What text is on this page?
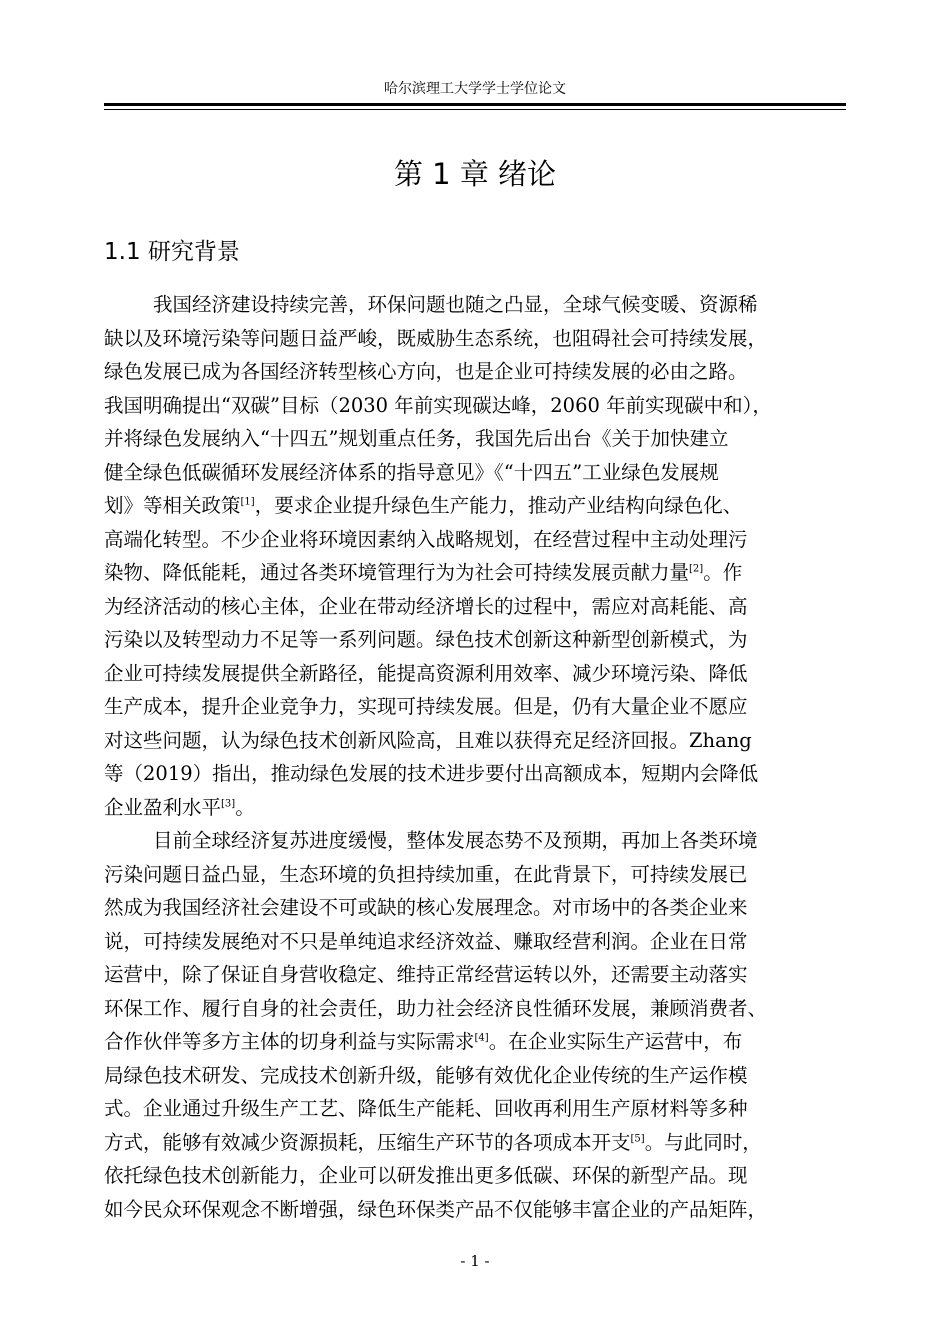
哈尔滨理工大学学士学位论文
第 1 章 绪论
1.1 研究背景
我国经济建设持续完善，环保问题也随之凸显，全球气候变暖、资源稀
缺以及环境污染等问题日益严峻，既威胁生态系统，也阻碍社会可持续发展，
绿色发展已成为各国经济转型核心方向，也是企业可持续发展的必由之路。
我国明确提出“双碳”目标（2030 年前实现碳达峰，2060 年前实现碳中和），
并将绿色发展纳入“十四五”规划重点任务，我国先后出台《关于加快建立
健全绿色低碳循环发展经济体系的指导意见》《“十四五”工业绿色发展规
划》等相关政策[1]，要求企业提升绿色生产能力，推动产业结构向绿色化、
高端化转型。不少企业将环境因素纳入战略规划，在经营过程中主动处理污
染物、降低能耗，通过各类环境管理行为为社会可持续发展贡献力量[2]。作
为经济活动的核心主体，企业在带动经济增长的过程中，需应对高耗能、高
污染以及转型动力不足等一系列问题。绿色技术创新这种新型创新模式，为
企业可持续发展提供全新路径，能提高资源利用效率、减少环境污染、降低
生产成本，提升企业竞争力，实现可持续发展。但是，仍有大量企业不愿应
对这些问题，认为绿色技术创新风险高，且难以获得充足经济回报。Zhang
等（2019）指出，推动绿色发展的技术进步要付出高额成本，短期内会降低
企业盈利水平[3]。
目前全球经济复苏进度缓慢，整体发展态势不及预期，再加上各类环境
污染问题日益凸显，生态环境的负担持续加重，在此背景下，可持续发展已
然成为我国经济社会建设不可或缺的核心发展理念。对市场中的各类企业来
说，可持续发展绝对不只是单纯追求经济效益、赚取经营利润。企业在日常
运营中，除了保证自身营收稳定、维持正常经营运转以外，还需要主动落实
环保工作、履行自身的社会责任，助力社会经济良性循环发展，兼顾消费者、
合作伙伴等多方主体的切身利益与实际需求[4]。在企业实际生产运营中，布
局绿色技术研发、完成技术创新升级，能够有效优化企业传统的生产运作模
式。企业通过升级生产工艺、降低生产能耗、回收再利用生产原材料等多种
方式，能够有效减少资源损耗，压缩生产环节的各项成本开支[5]。与此同时，
依托绿色技术创新能力，企业可以研发推出更多低碳、环保的新型产品。现
如今民众环保观念不断增强，绿色环保类产品不仅能够丰富企业的产品矩阵，
- 1 -
